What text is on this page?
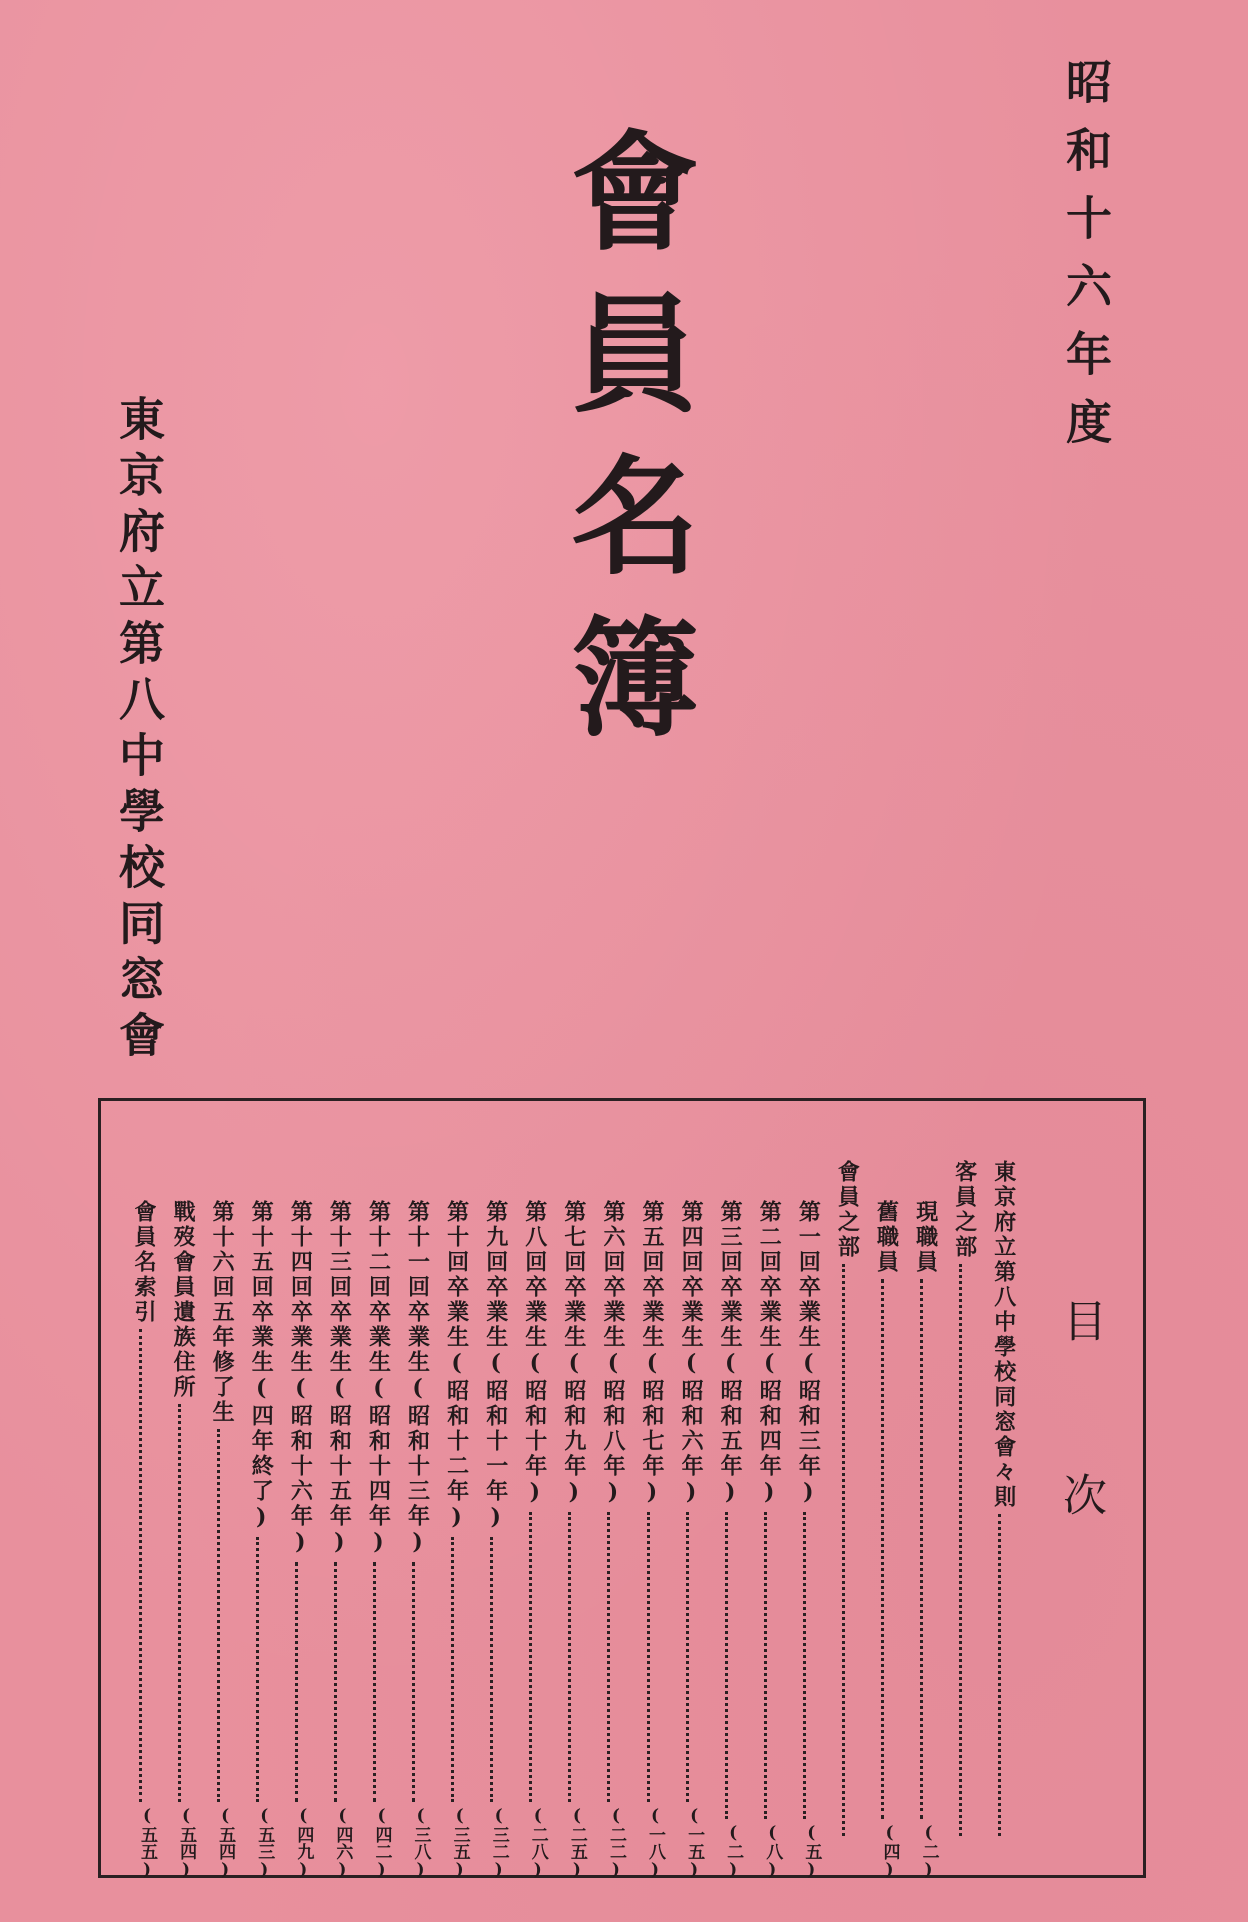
昭和十六年度
會員名簿
東京府立第八中學校同窓會
目次
東京府立第八中學校同窓會々則
客員之部
現職員
(二)
舊職員
(四)
會員之部
第一回卒業生(昭和三年)
(五)
第二回卒業生(昭和四年)
(八)
第三回卒業生(昭和五年)
(二)
第四回卒業生(昭和六年)
(一五)
第五回卒業生(昭和七年)
(一八)
第六回卒業生(昭和八年)
(二二)
第七回卒業生(昭和九年)
(二五)
第八回卒業生(昭和十年)
(二八)
第九回卒業生(昭和十一年)
(三二)
第十回卒業生(昭和十二年)
(三五)
第十一回卒業生(昭和十三年)
(三八)
第十二回卒業生(昭和十四年)
(四二)
第十三回卒業生(昭和十五年)
(四六)
第十四回卒業生(昭和十六年)
(四九)
第十五回卒業生(四年終了)
(五三)
第十六回五年修了生
(五四)
戰歿會員遺族住所
(五四)
會員名索引
(五五)
